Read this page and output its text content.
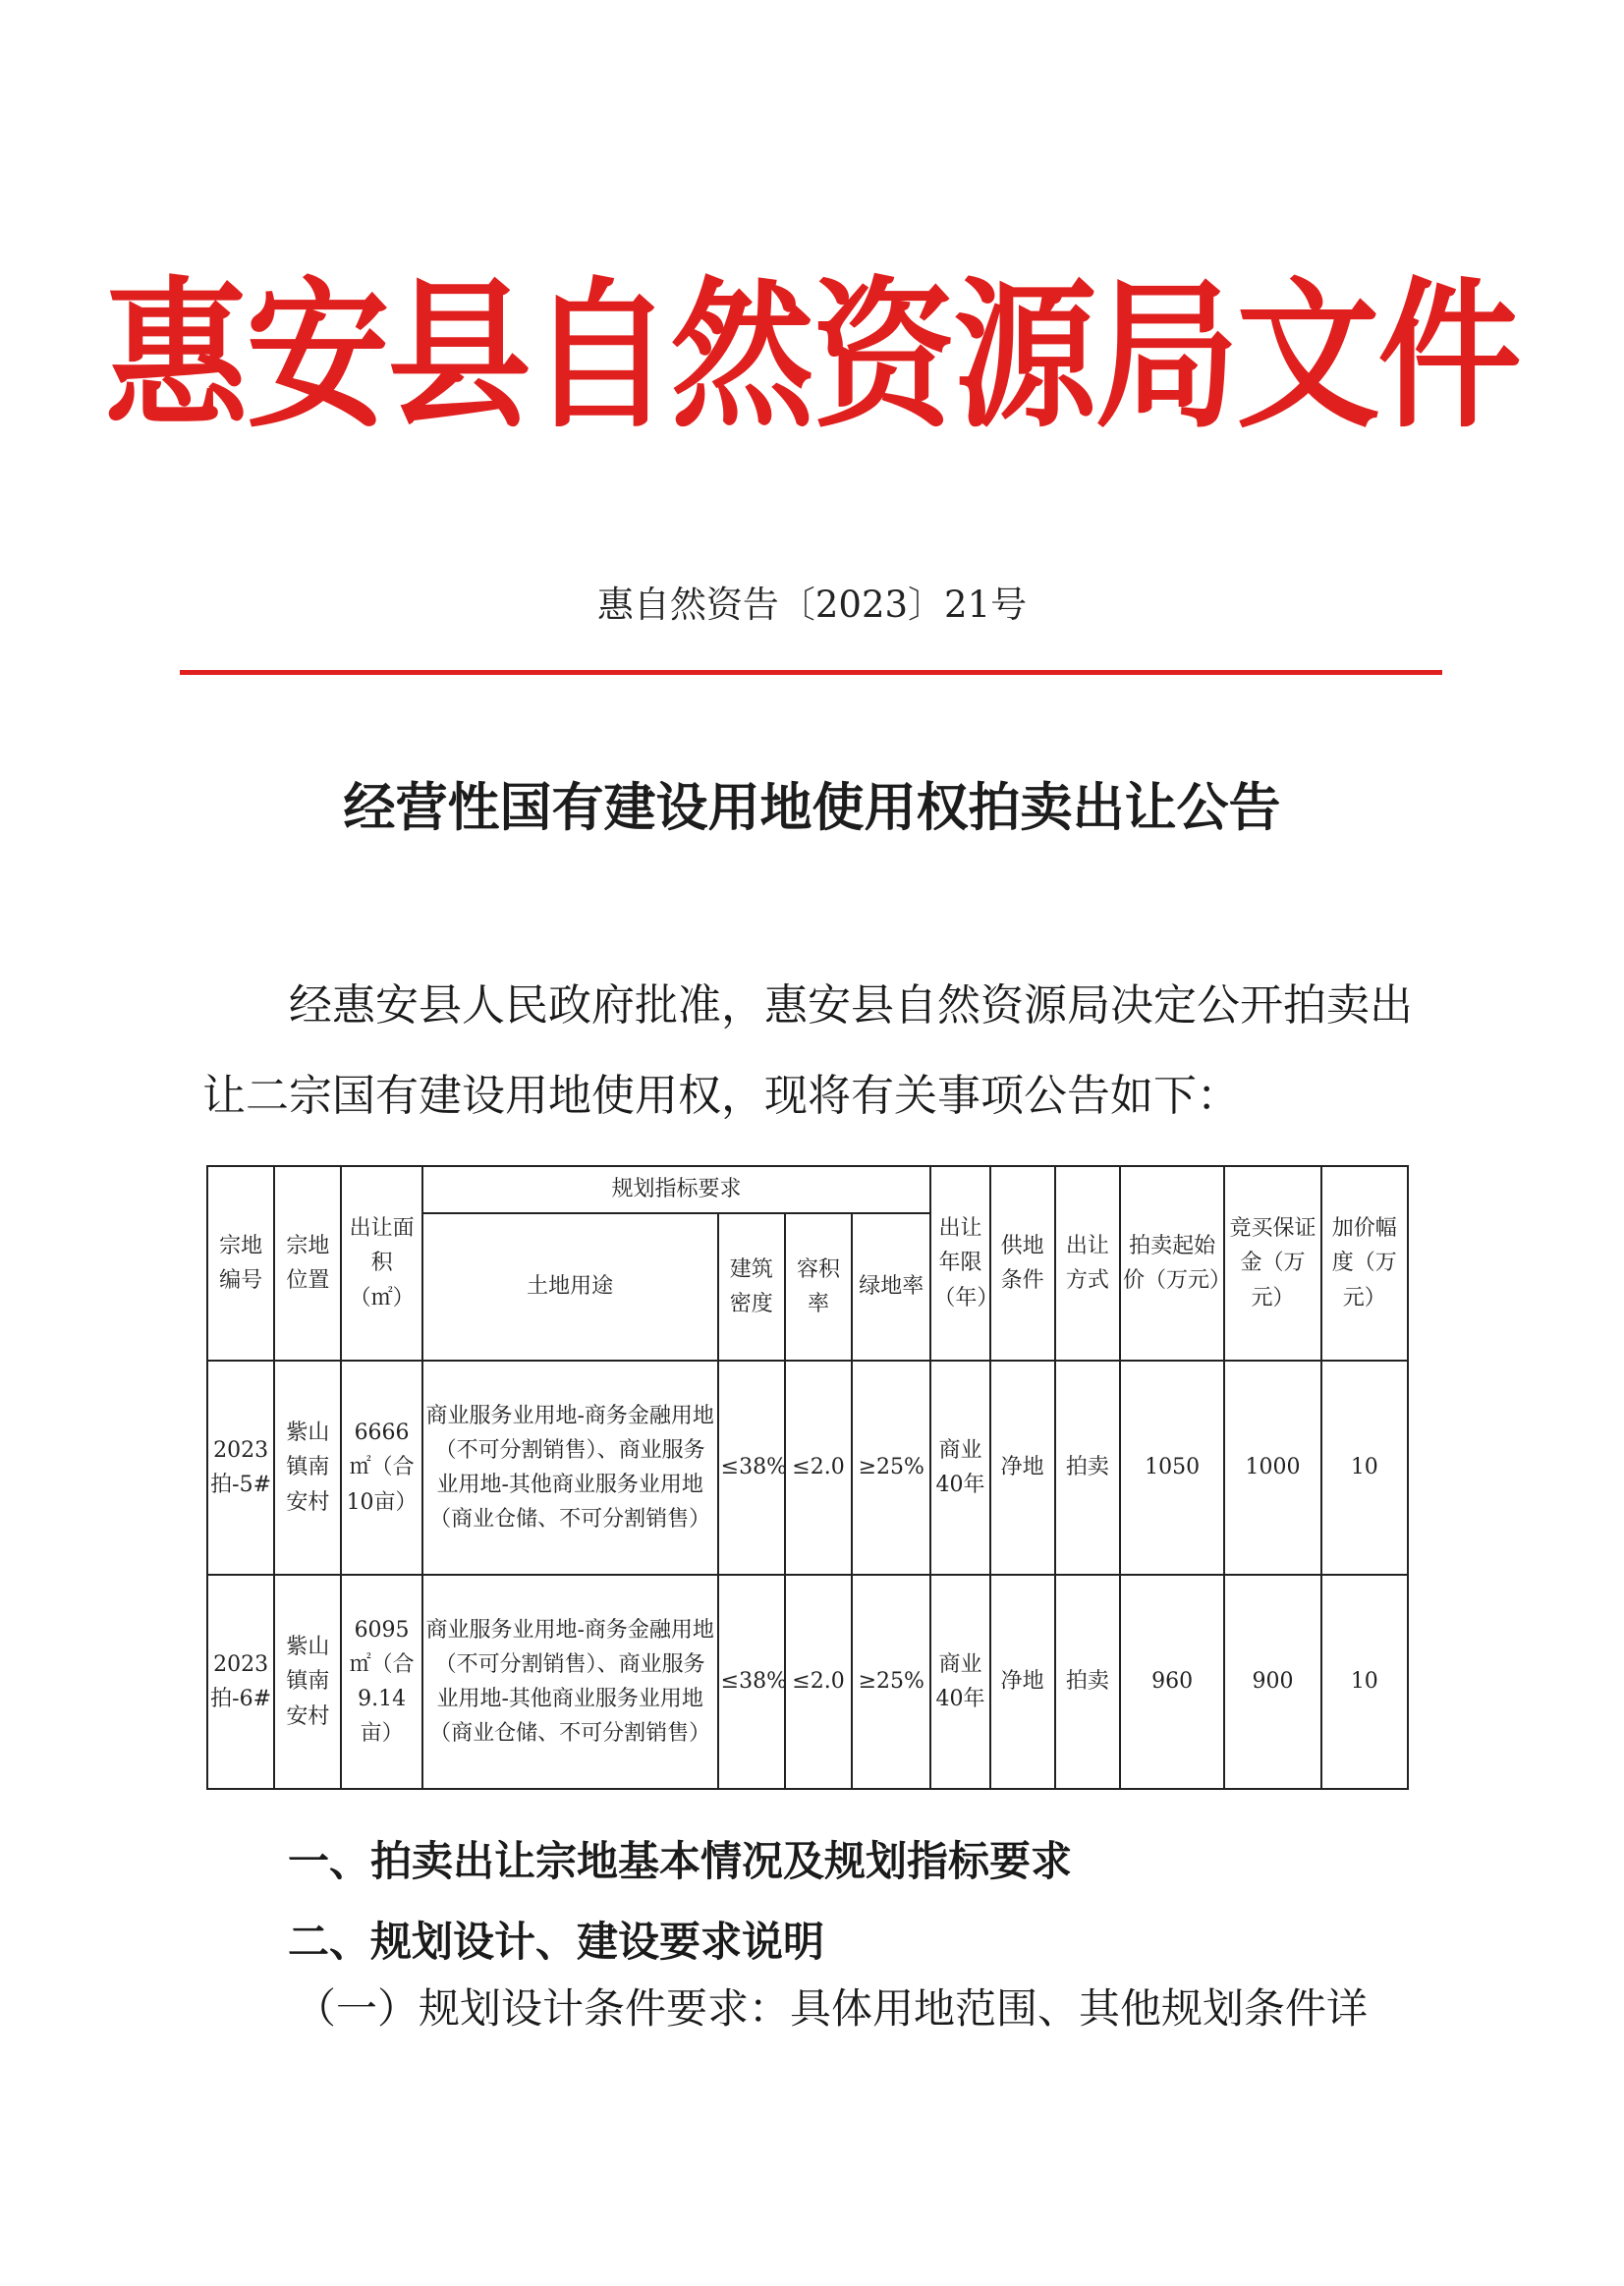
惠安县自然资源局文件
惠自然资告〔2023〕21号
经营性国有建设用地使用权拍卖出让公告
经惠安县人民政府批准，惠安县自然资源局决定公开拍卖出
让二宗国有建设用地使用权，现将有关事项公告如下：
宗地编号	宗地位置	出让面积（㎡）	规划指标要求				出让年限（年）	供地条件	出让方式	拍卖起始价（万元）	竞买保证金（万元）	加价幅度（万元）
			土地用途	建筑密度	容积率	绿地率						
2023拍-5#	紫山镇南安村	6666㎡（合10亩）	商业服务业用地-商务金融用地（不可分割销售）、商业服务业用地-其他商业服务业用地（商业仓储、不可分割销售）	≤38%	≤2.0	≥25%	商业40年	净地	拍卖	1050	1000	10
2023拍-6#	紫山镇南安村	6095㎡（合9.14亩）	商业服务业用地-商务金融用地（不可分割销售）、商业服务业用地-其他商业服务业用地（商业仓储、不可分割销售）	≤38%	≤2.0	≥25%	商业40年	净地	拍卖	960	900	10
一、拍卖出让宗地基本情况及规划指标要求
二、规划设计、建设要求说明
（一）规划设计条件要求：具体用地范围、其他规划条件详
